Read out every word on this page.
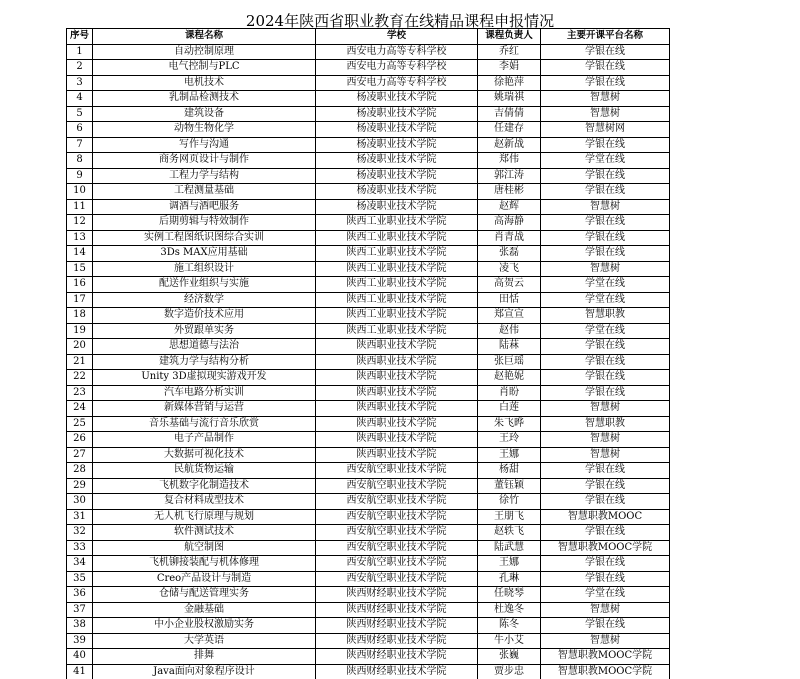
2024年陕西省职业教育在线精品课程申报情况
序号	课程名称	学校	课程负责人	主要开课平台名称
1	自动控制原理	西安电力高等专科学校	乔红	学银在线
2	电气控制与PLC	西安电力高等专科学校	李娟	学银在线
3	电机技术	西安电力高等专科学校	徐艳萍	学银在线
4	乳制品检测技术	杨凌职业技术学院	姚瑞祺	智慧树
5	建筑设备	杨凌职业技术学院	吉倩倩	智慧树
6	动物生物化学	杨凌职业技术学院	任建存	智慧树网
7	写作与沟通	杨凌职业技术学院	赵新战	学银在线
8	商务网页设计与制作	杨凌职业技术学院	郑伟	学堂在线
9	工程力学与结构	杨凌职业技术学院	郭江涛	学银在线
10	工程测量基础	杨凌职业技术学院	唐桂彬	学银在线
11	调酒与酒吧服务	杨凌职业技术学院	赵辉	智慧树
12	后期剪辑与特效制作	陕西工业职业技术学院	高海静	学银在线
13	实例工程图纸识图综合实训	陕西工业职业技术学院	肖青战	学银在线
14	3Ds MAX应用基础	陕西工业职业技术学院	张磊	学银在线
15	施工组织设计	陕西工业职业技术学院	凌飞	智慧树
16	配送作业组织与实施	陕西工业职业技术学院	高贺云	学堂在线
17	经济数学	陕西工业职业技术学院	田恬	学堂在线
18	数字造价技术应用	陕西工业职业技术学院	郑宣宣	智慧职教
19	外贸跟单实务	陕西工业职业技术学院	赵伟	学堂在线
20	思想道德与法治	陕西职业技术学院	陆菻	学银在线
21	建筑力学与结构分析	陕西职业技术学院	张巨瑶	学银在线
22	Unity 3D虚拟现实游戏开发	陕西职业技术学院	赵艳妮	学银在线
23	汽车电路分析实训	陕西职业技术学院	肖盼	学银在线
24	新媒体营销与运营	陕西职业技术学院	白莲	智慧树
25	音乐基础与流行音乐欣赏	陕西职业技术学院	朱飞晔	智慧职教
26	电子产品制作	陕西职业技术学院	王玲	智慧树
27	大数据可视化技术	陕西职业技术学院	王娜	智慧树
28	民航货物运输	西安航空职业技术学院	杨甜	学银在线
29	飞机数字化制造技术	西安航空职业技术学院	董钰颖	学银在线
30	复合材料成型技术	西安航空职业技术学院	徐竹	学银在线
31	无人机飞行原理与规划	西安航空职业技术学院	王朋飞	智慧职教MOOC
32	软件测试技术	西安航空职业技术学院	赵轶飞	学银在线
33	航空制图	西安航空职业技术学院	陆武慧	智慧职教MOOC学院
34	飞机铆接装配与机体修理	西安航空职业技术学院	王娜	学银在线
35	Creo产品设计与制造	西安航空职业技术学院	孔琳	学银在线
36	仓储与配送管理实务	陕西财经职业技术学院	任晓琴	学堂在线
37	金融基础	陕西财经职业技术学院	杜逸冬	智慧树
38	中小企业股权激励实务	陕西财经职业技术学院	陈冬	学银在线
39	大学英语	陕西财经职业技术学院	牛小艾	智慧树
40	排舞	陕西财经职业技术学院	张巍	智慧职教MOOC学院
41	Java面向对象程序设计	陕西财经职业技术学院	贾步忠	智慧职教MOOC学院
